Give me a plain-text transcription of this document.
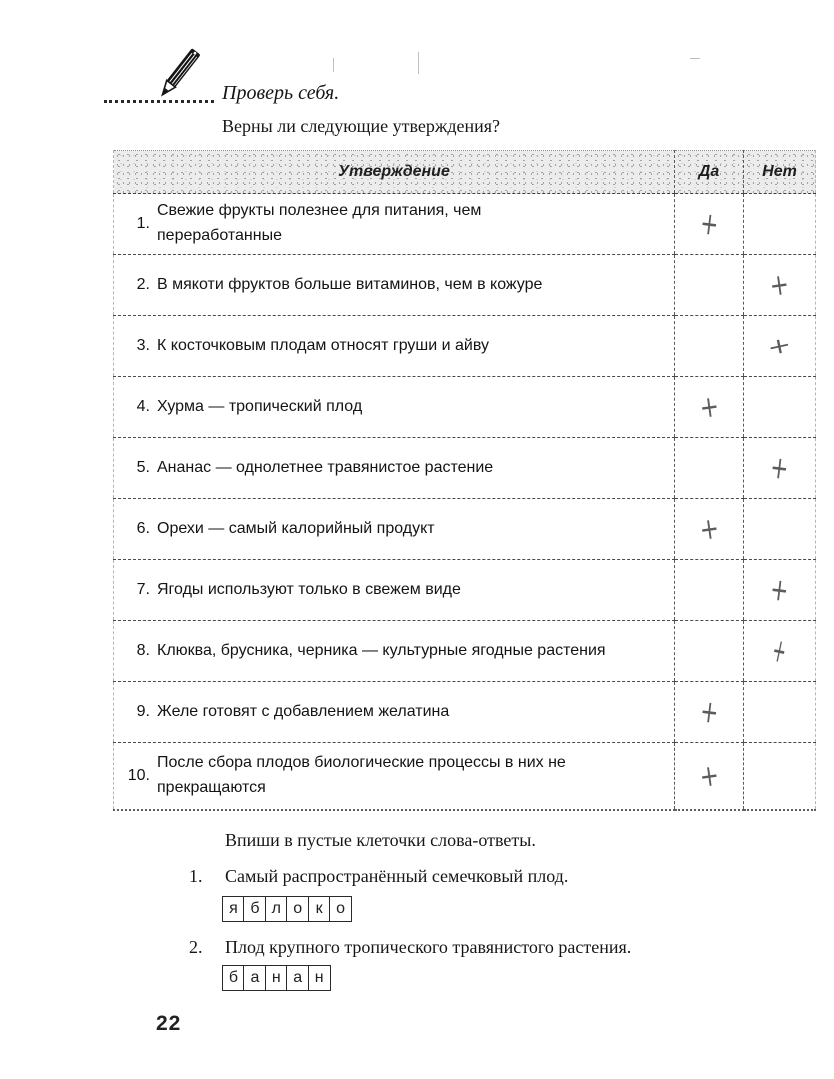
Проверь себя.
Верны ли следующие утверждения?
Утверждение	Да	Нет

1.
Свежие фрукты полезнее для питания, чем переработанные	+	

2. В мякоти фруктов больше витаминов, чем в кожуре		+

3. К косточковым плодам относят груши и айву		+

4. Хурма — тропический плод	+	

5. Ананас — однолетнее травянистое растение		+

6. Орехи — самый калорийный продукт	+	

7. Ягоды используют только в свежем виде		+

8. Клюква, брусника, черника — культурные ягодные растения		+

9. Желе готовят с добавлением желатина	+	

10.
После сбора плодов биологические процессы в них не прекращаются	+	
Впиши в пустые клеточки слова-ответы.
1. Самый распространённый семечковый плод.
я б л о к о
2. Плод крупного тропического травянистого растения.
б а н а н
22
